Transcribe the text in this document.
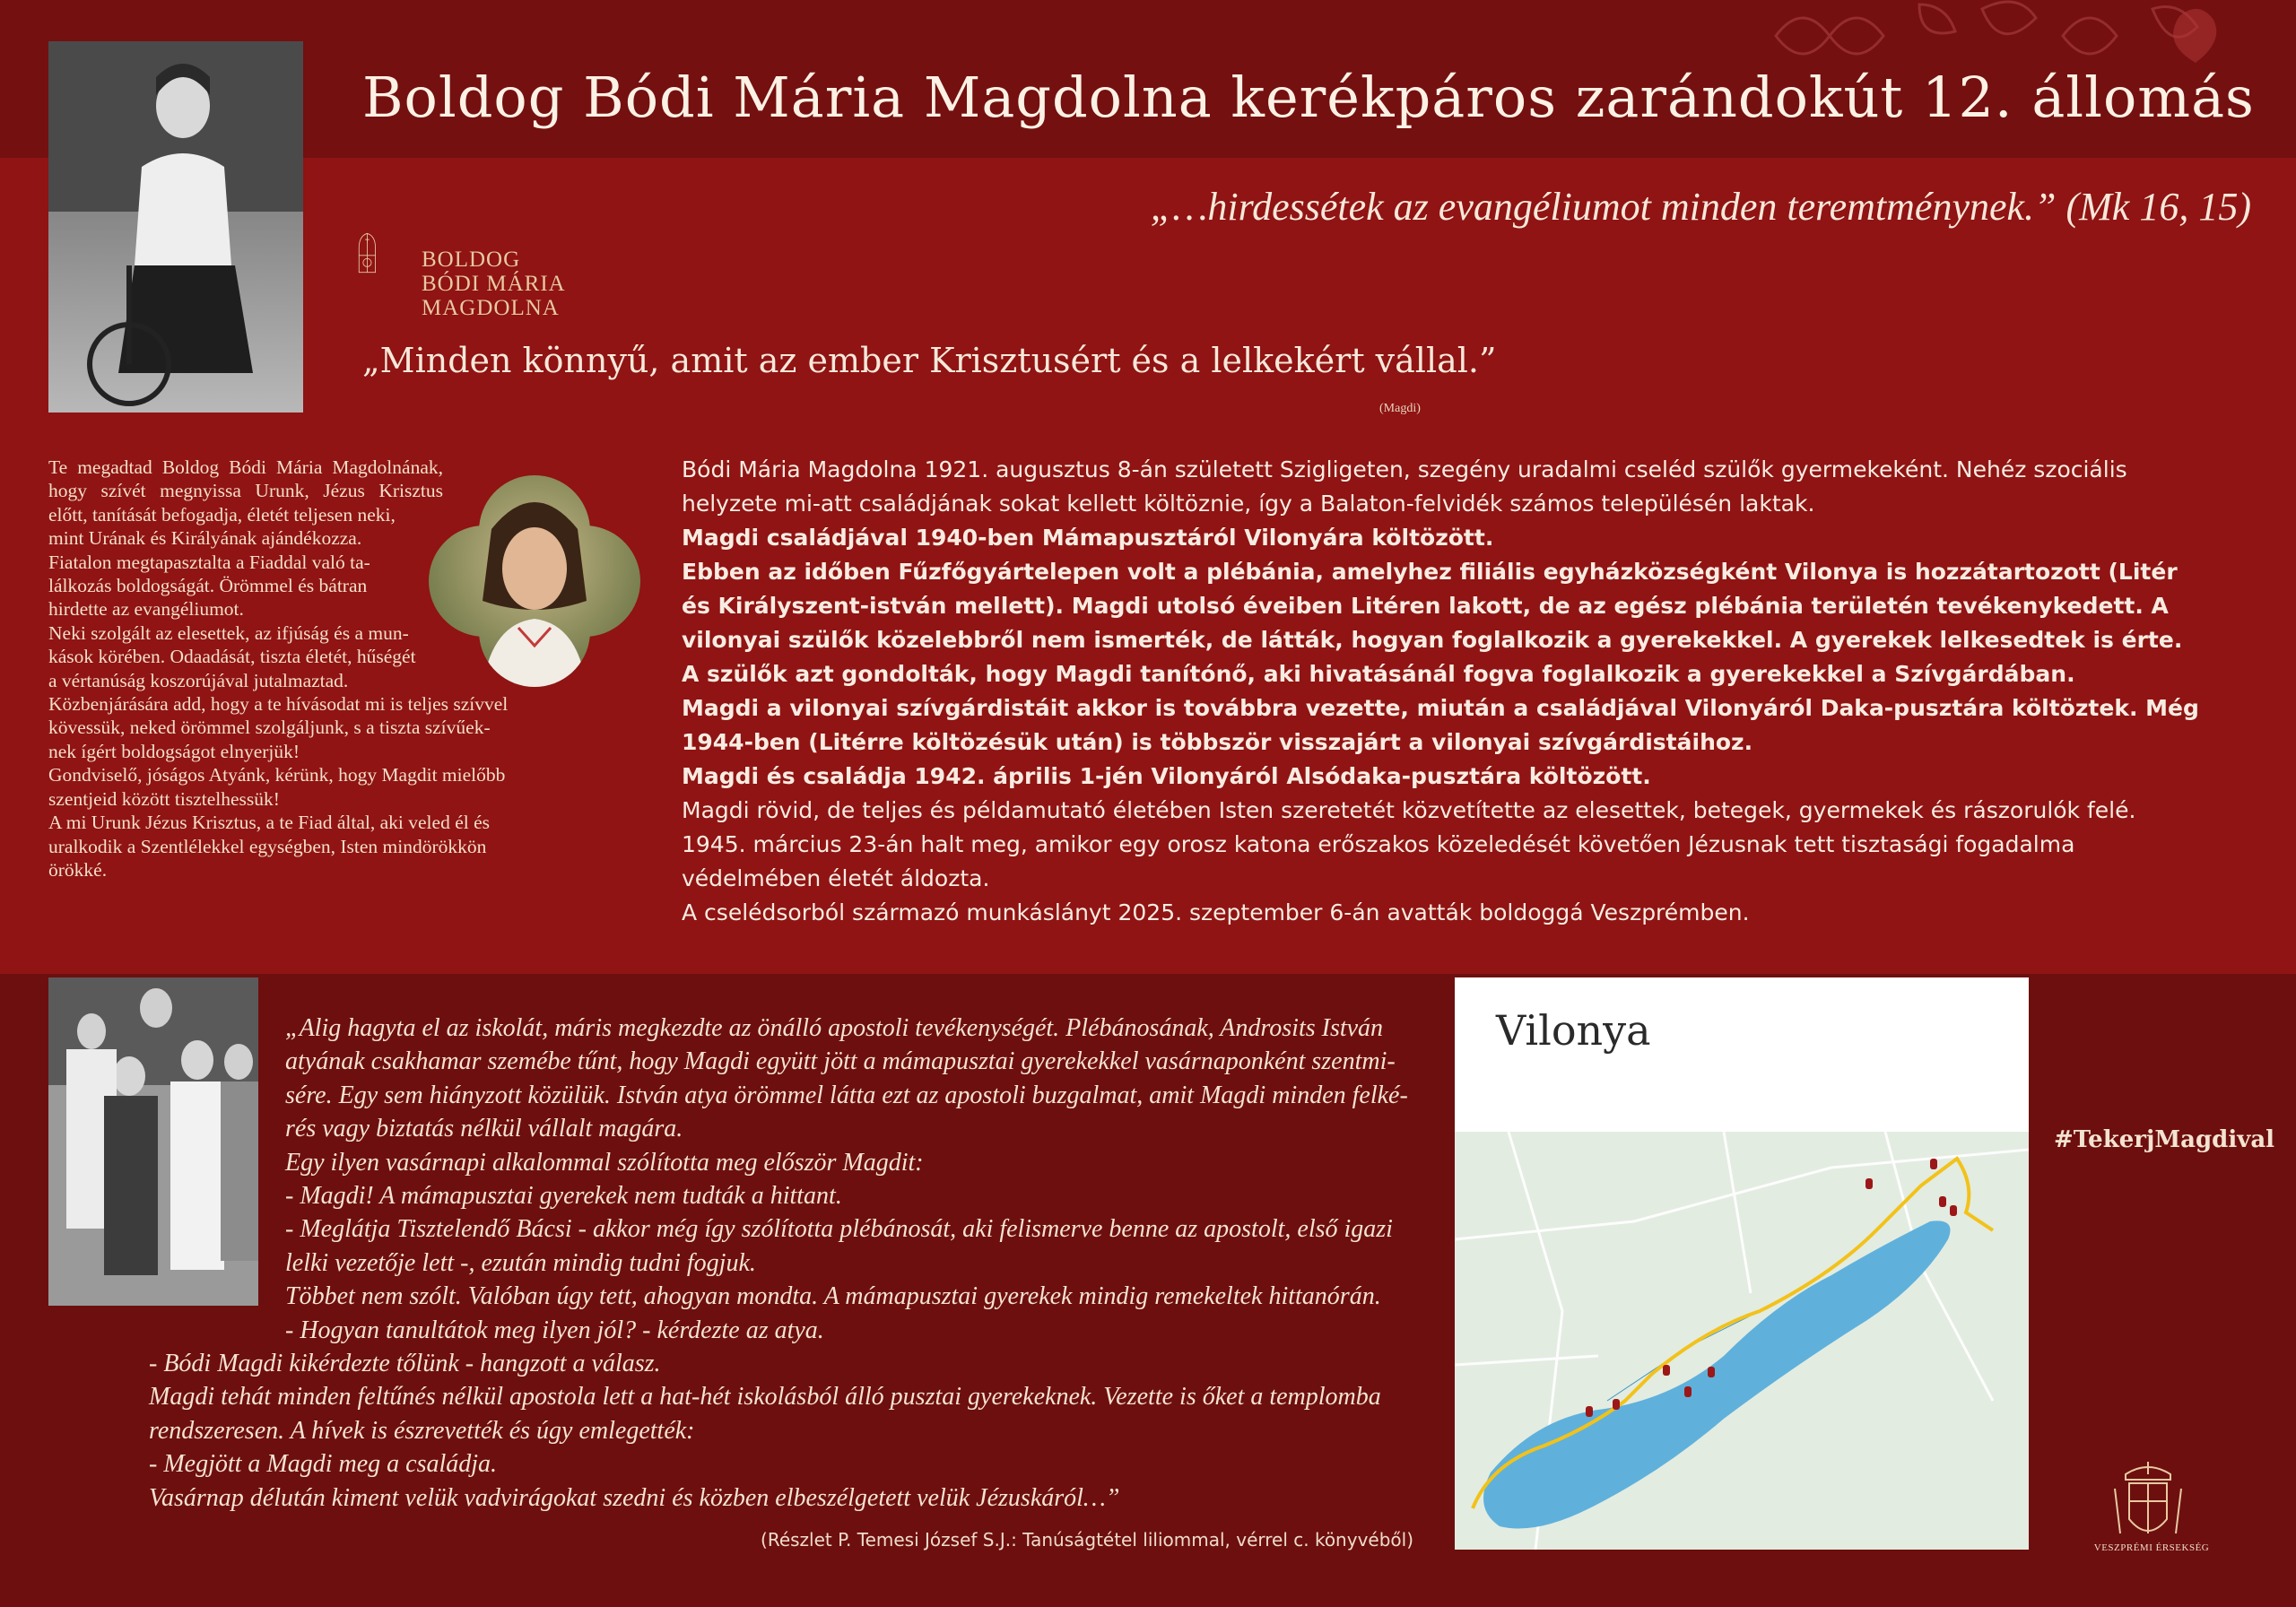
Boldog Bódi Mária Magdolna kerékpáros zarándokút 12. állomás
„…hirdessétek az evangéliumot minden teremtménynek.” (Mk 16, 15)
BOLDOG
BÓDI MÁRIA
MAGDOLNA
„Minden könnyű, amit az ember Krisztusért és a lelkekért vállal.”
(Magdi)
Te megadtad Boldog Bódi Mária Magdolnának,
hogy szívét megnyissa Urunk, Jézus Krisztus
előtt, tanítását befogadja, életét teljesen neki,
mint Urának és Királyának ajándékozza.
Fiatalon megtapasztalta a Fiaddal való ta-
lálkozás boldogságát. Örömmel és bátran
hirdette az evangéliumot.
Neki szolgált az elesettek, az ifjúság és a mun-
kások körében. Odaadását, tiszta életét, hűségét
a vértanúság koszorújával jutalmaztad.
Közbenjárására add, hogy a te hívásodat mi is teljes szívvel
kövessük, neked örömmel szolgáljunk, s a tiszta szívűek-
nek ígért boldogságot elnyerjük!
Gondviselő, jóságos Atyánk, kérünk, hogy Magdit mielőbb
szentjeid között tisztelhessük!
A mi Urunk Jézus Krisztus, a te Fiad által, aki veled él és
uralkodik a Szentlélekkel egységben, Isten mindörökkön
örökké.

Bódi Mária Magdolna 1921. augusztus 8-án született Szigligeten, szegény uradalmi cseléd szülők gyermekeként. Nehéz szociális helyzete mi-att családjának sokat kellett költöznie, így a Balaton-felvidék számos településén laktak.

Magdi családjával 1940-ben Mámapusztáról Vilonyára költözött.

Ebben az időben Fűzfőgyártelepen volt a plébánia, amelyhez filiális egyházközségként Vilonya is hozzátartozott (Litér és Királyszent-istván mellett). Magdi utolsó éveiben Litéren lakott, de az egész plébánia területén tevékenykedett. A vilonyai szülők közelebbről nem ismerték, de látták, hogyan foglalkozik a gyerekekkel. A gyerekek lelkesedtek is érte. A szülők azt gondolták, hogy Magdi tanítónő, aki hivatásánál fogva foglalkozik a gyerekekkel a Szívgárdában.

Magdi a vilonyai szívgárdistáit akkor is továbbra vezette, miután a családjával Vilonyáról Daka-pusztára költöztek. Még 1944-ben (Litérre költözésük után) is többször visszajárt a vilonyai szívgárdistáihoz.

Magdi és családja 1942. április 1-jén Vilonyáról Alsódaka-pusztára költözött.

Magdi rövid, de teljes és példamutató életében Isten szeretetét közvetítette az elesettek, betegek, gyermekek és rászorulók felé.

1945. március 23-án halt meg, amikor egy orosz katona erőszakos közeledését követően Jézusnak tett tisztasági fogadalma védelmében életét áldozta.

A cselédsorból származó munkáslányt 2025. szeptember 6-án avatták boldoggá Veszprémben.

„Alig hagyta el az iskolát, máris megkezdte az önálló apostoli tevékenységét. Plébánosának, Androsits István
atyának csakhamar szemébe tűnt, hogy Magdi együtt jött a mámapusztai gyerekekkel vasárnaponként szentmi-
sére. Egy sem hiányzott közülük. István atya örömmel látta ezt az apostoli buzgalmat, amit Magdi minden felké-
rés vagy biztatás nélkül vállalt magára.
Egy ilyen vasárnapi alkalommal szólította meg először Magdit:
- Magdi! A mámapusztai gyerekek nem tudták a hittant.
- Meglátja Tisztelendő Bácsi - akkor még így szólította plébánosát, aki felismerve benne az apostolt, első igazi
lelki vezetője lett -, ezután mindig tudni fogjuk.
Többet nem szólt. Valóban úgy tett, ahogyan mondta. A mámapusztai gyerekek mindig remekeltek hittanórán.
- Hogyan tanultátok meg ilyen jól? - kérdezte az atya.
- Bódi Magdi kikérdezte tőlünk - hangzott a válasz.
Magdi tehát minden feltűnés nélkül apostola lett a hat-hét iskolásból álló pusztai gyerekeknek. Vezette is őket a templomba
rendszeresen. A hívek is észrevették és úgy emlegették:
- Megjött a Magdi meg a családja.
Vasárnap délután kiment velük vadvirágokat szedni és közben elbeszélgetett velük Jézuskáról…”
(Részlet P. Temesi József S.J.: Tanúságtétel liliommal, vérrel c. könyvéből)
Vilonya
#TekerjMagdival
VESZPRÉMI ÉRSEKSÉG
